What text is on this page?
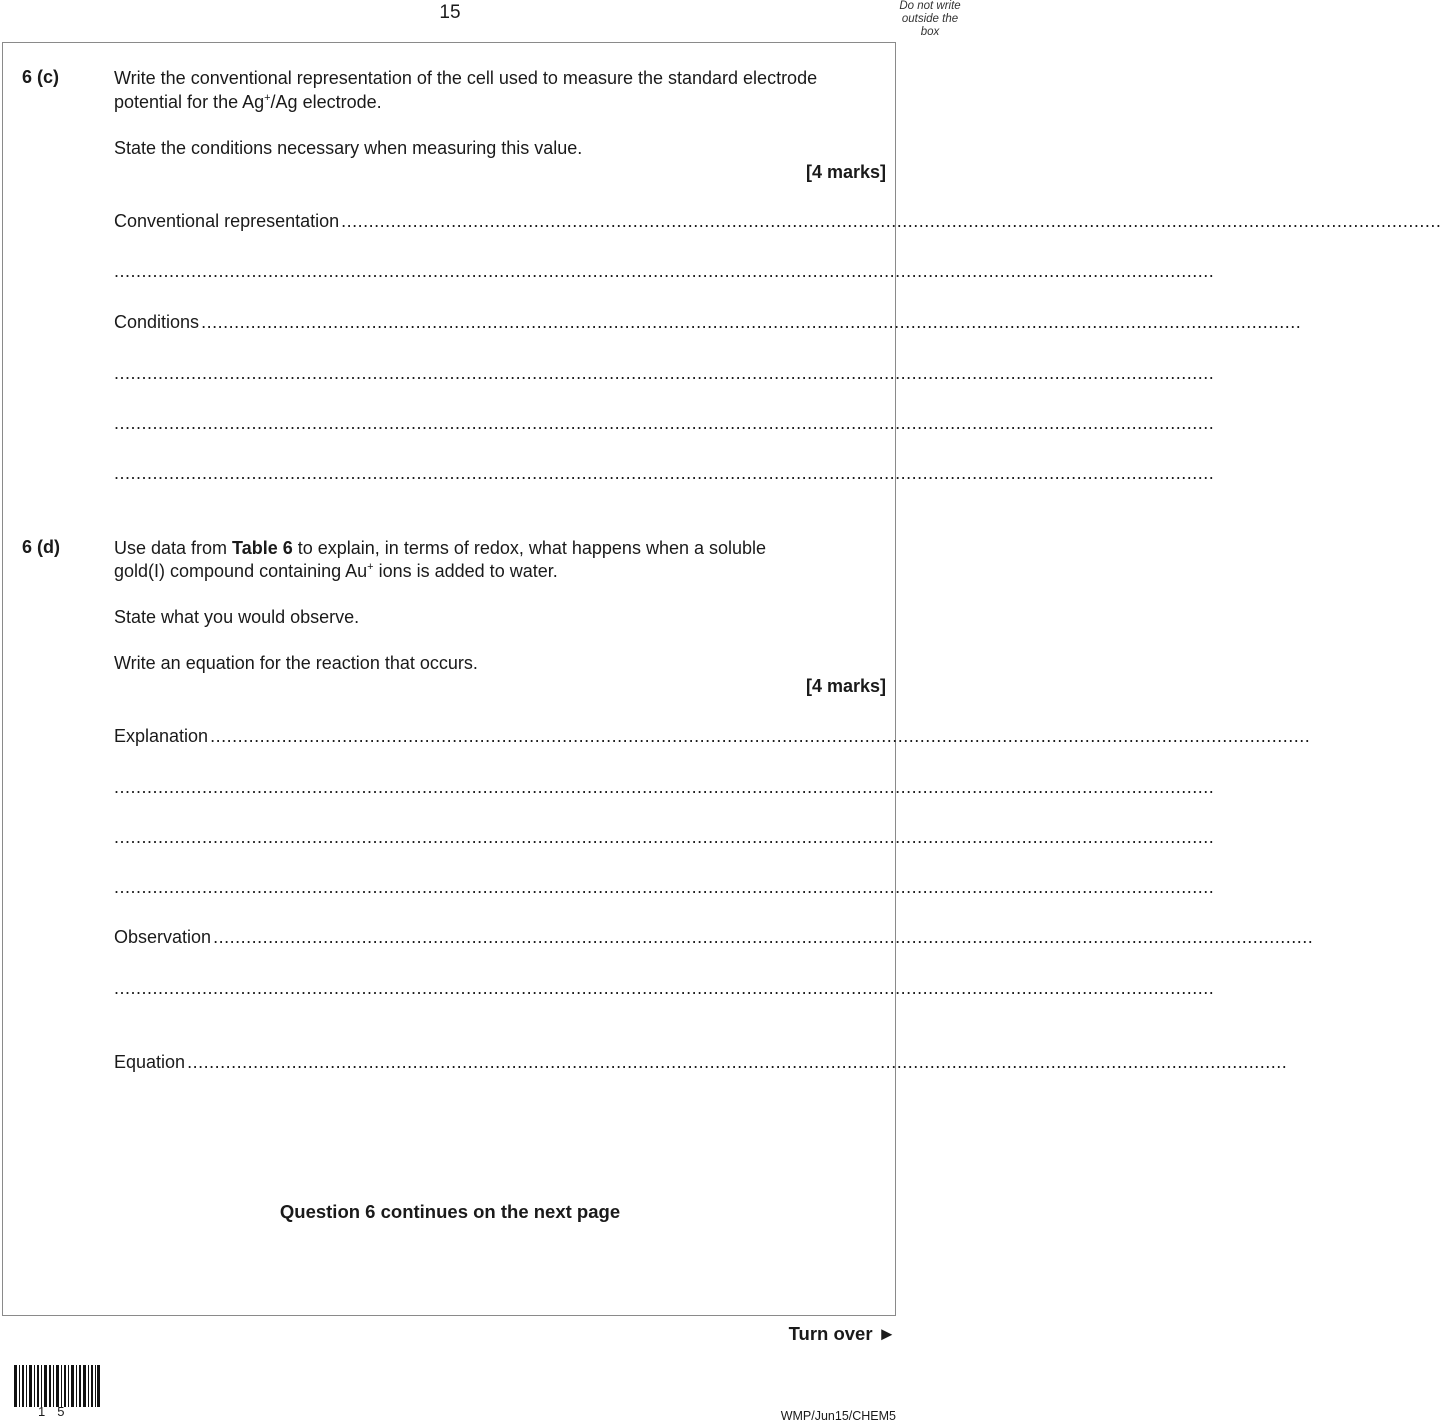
15	Do not write
outside the
box
6 (c)	Write the conventional representation of the cell used to measure the standard electrode
potential for the Ag+/Ag electrode.
State the conditions necessary when measuring this value.
[4 marks]
Conventional representation ........................................................................................................................................................................................................
........................................................................................................................................................................................................
Conditions ........................................................................................................................................................................................................
........................................................................................................................................................................................................
........................................................................................................................................................................................................
........................................................................................................................................................................................................
6 (d)	Use data from Table 6 to explain, in terms of redox, what happens when a soluble
gold(I) compound containing Au+ ions is added to water.
State what you would observe.
Write an equation for the reaction that occurs.
[4 marks]
Explanation ........................................................................................................................................................................................................
........................................................................................................................................................................................................
........................................................................................................................................................................................................
........................................................................................................................................................................................................
Observation ........................................................................................................................................................................................................
........................................................................................................................................................................................................
Equation ........................................................................................................................................................................................................
Question 6 continues on the next page
Turn over ►
15	WMP/Jun15/CHEM5
